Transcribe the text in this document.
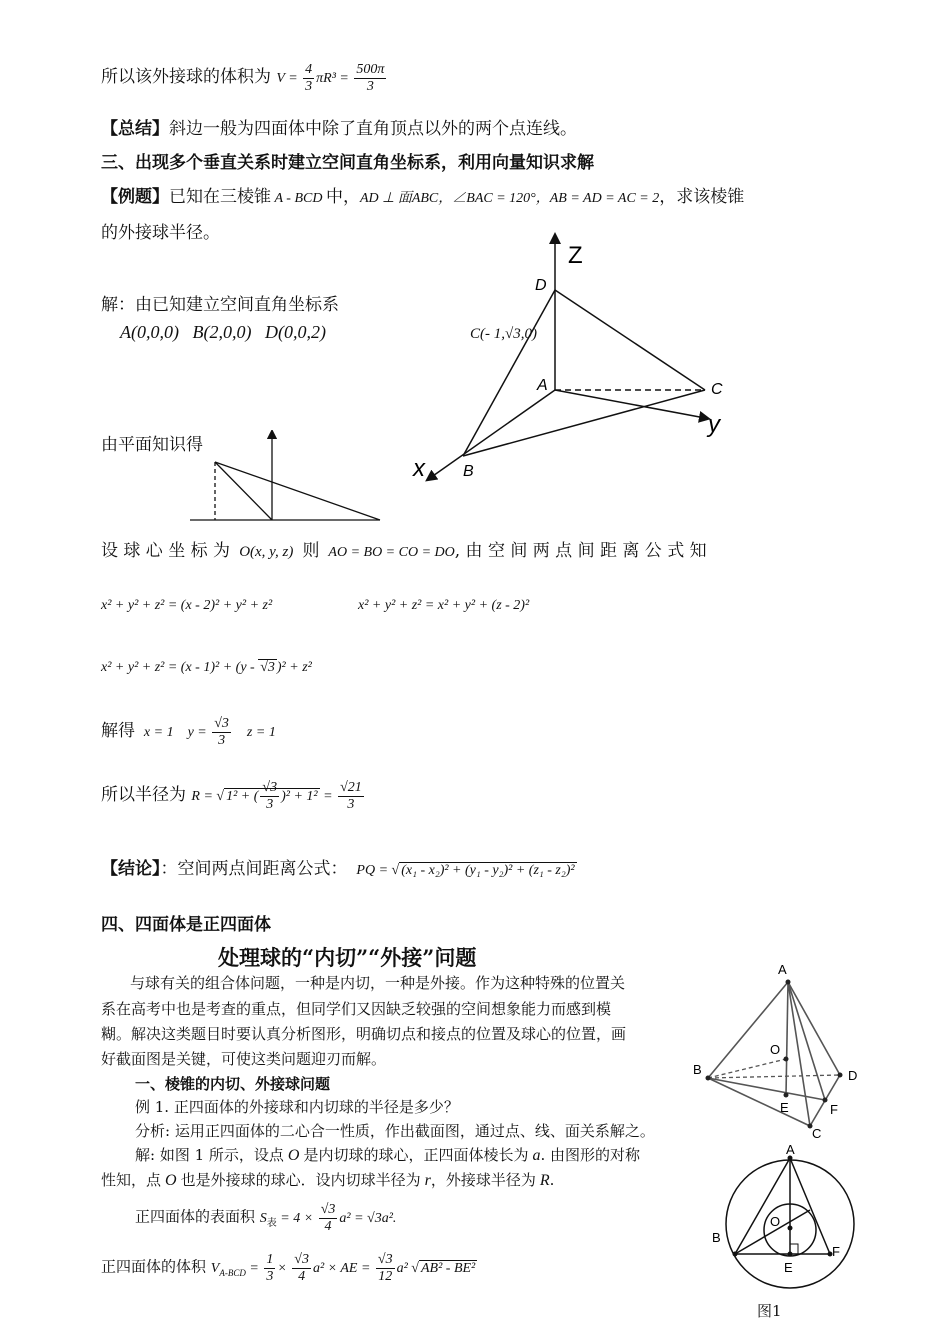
所以该外接球的体积为 $V = \frac{4}{3} \pi R^3 = \frac{500\pi}{3}$
【总结】斜边一般为四面体中除了直角顶点以外的两个点连线。
三、出现多个垂直关系时建立空间直角坐标系，利用向量知识求解
【例题】已知在三棱锥 A - BCD 中，AD ⊥ 面ABC，∠BAC = 120°，AB = AD = AC = 2，求该棱锥
的外接球半径。
解：由已知建立空间直角坐标系
A(0,0,0)   B(2,0,0)   D(0,0,2)	C(- 1,√3,0)
Z
y
x
D
A	C
B
由平面知识得
设 球 心 坐 标 为  O(x, y, z)  则  AO = BO = CO = DO, 由 空 间 两 点 间 距 离 公 式 知
x² + y² + z² = (x - 2)² + y² + z²	x² + y² + z² = x² + y² + (z - 2)²
x² + y² + z² = (x - 1)² + (y - √3 )² + z²
解得  x = 1    $y = \frac{√3}{3}$ z = 1
所以半径为 R = √ 1² + ( $\frac{√3}{3} )^2 + 1^2 = \frac{√21}{3}$
【结论】：空间两点间距离公式：  PQ = √ (x₁ - x₂)² + (y₁ - y₂)² + (z₁ - z₂)²
四、四面体是正四面体
处理球的“内切”“外接”问题
与球有关的组合体问题，一种是内切，一种是外接。作为这种特殊的位置关
系在高考中也是考查的重点，但同学们又因缺乏较强的空间想象能力而感到模
糊。解决这类题目时要认真分析图形，明确切点和接点的位置及球心的位置，画
好截面图是关键，可使这类问题迎刃而解。
一、棱锥的内切、外接球问题
例 1. 正四面体的外接球和内切球的半径是多少？
分析: 运用正四面体的二心合一性质，作出截面图，通过点、线、面关系解之。
解: 如图 1 所示，设点 O 是内切球的球心，正四面体棱长为 a. 由图形的对称
性知，点 O 也是外接球的球心．设内切球半径为 r，外接球半径为 R.
正四面体的表面积 $S_表 = 4 \times \frac{√3}{4} a^2 = √3a^2$.
正四面体的体积 $V_{A-BCD} = \frac{1}{3} \times \frac{√3}{4} a^2$ × AE = $\frac{√3}{12} a^2$ √ AB² - BE²
A
B	D
C
O
E	F
A
B
F
E
O
图1
